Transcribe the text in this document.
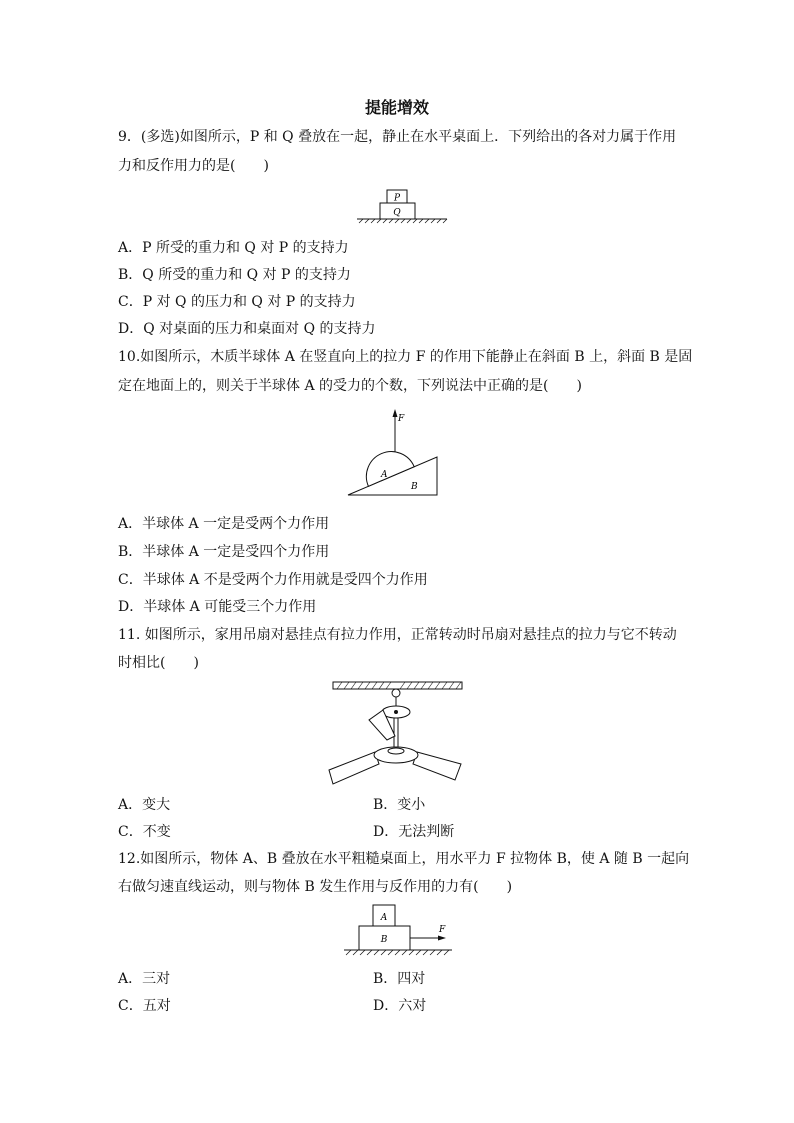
提能增效
9．(多选)如图所示，P 和 Q 叠放在一起，静止在水平桌面上．下列给出的各对力属于作用
力和反作用力的是(　　)
P
Q
A．P 所受的重力和 Q 对 P 的支持力
B．Q 所受的重力和 Q 对 P 的支持力
C．P 对 Q 的压力和 Q 对 P 的支持力
D．Q 对桌面的压力和桌面对 Q 的支持力
10.如图所示，木质半球体 A 在竖直向上的拉力 F 的作用下能静止在斜面 B 上，斜面 B 是固
定在地面上的，则关于半球体 A 的受力的个数，下列说法中正确的是(　　)
F
A
B
A．半球体 A 一定是受两个力作用
B．半球体 A 一定是受四个力作用
C．半球体 A 不是受两个力作用就是受四个力作用
D．半球体 A 可能受三个力作用
11. 如图所示，家用吊扇对悬挂点有拉力作用，正常转动时吊扇对悬挂点的拉力与它不转动
时相比(　　)
A．变大	B．变小
C．不变	D．无法判断
12.如图所示，物体 A、B 叠放在水平粗糙桌面上，用水平力 F 拉物体 B，使 A 随 B 一起向
右做匀速直线运动，则与物体 B 发生作用与反作用的力有(　　)
F
A
B
A．三对	B．四对
C．五对	D．六对
